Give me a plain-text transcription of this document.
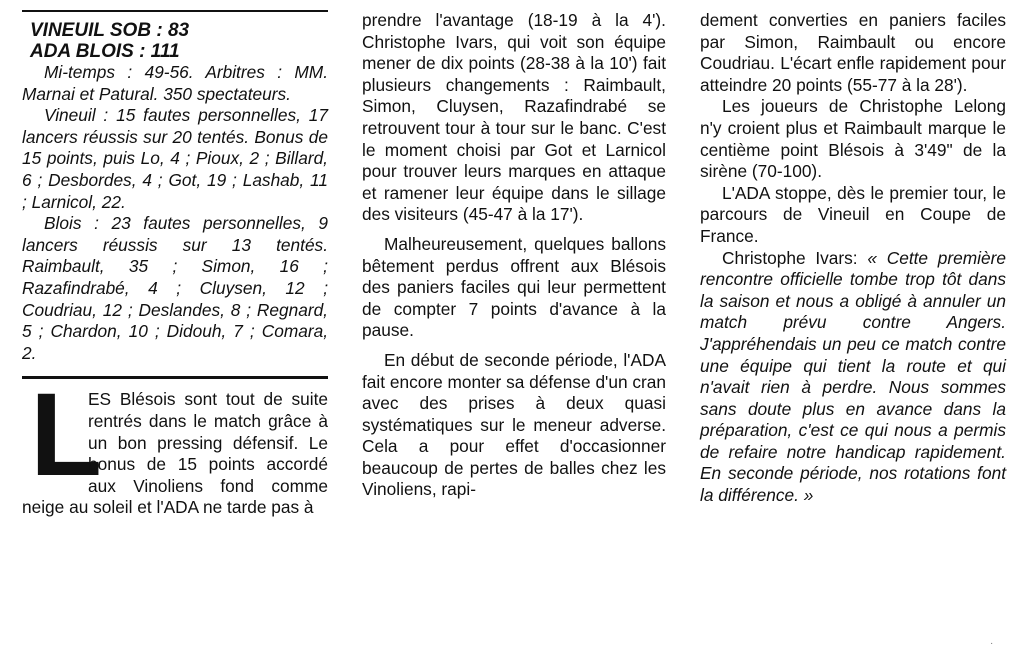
VINEUIL SOB : 83

ADA BLOIS : 111

Mi-temps : 49-56. Arbitres : MM. Marnai et Patural. 350 spectateurs.

Vineuil : 15 fautes personnelles, 17 lancers réussis sur 20 tentés. Bonus de 15 points, puis Lo, 4 ; Pioux, 2 ; Billard, 6 ; Desbordes, 4 ; Got, 19 ; Lashab, 11 ; Larnicol, 22.

Blois : 23 fautes personnelles, 9 lancers réussis sur 13 tentés. Raimbault, 35 ; Simon, 16 ; Razafindrabé, 4 ; Cluysen, 12 ; Coudriau, 12 ; Deslandes, 8 ; Regnard, 5 ; Chardon, 10 ; Didouh, 7 ; Comara, 2.

L
ES Blésois sont tout de suite rentrés dans le match grâce à un bon pressing défensif. Le bonus de 15 points accordé aux Vinoliens fond comme neige au soleil et l'ADA ne tarde pas à

prendre l'avantage (18-19 à la 4'). Christophe Ivars, qui voit son équipe mener de dix points (28-38 à la 10') fait plusieurs changements : Raimbault, Simon, Cluysen, Razafindrabé se retrouvent tour à tour sur le banc. C'est le moment choisi par Got et Larnicol pour trouver leurs marques en attaque et ramener leur équipe dans le sillage des visiteurs (45-47 à la 17').

Malheureusement, quelques ballons bêtement perdus offrent aux Blésois des paniers faciles qui leur permettent de compter 7 points d'avance à la pause.

En début de seconde période, l'ADA fait encore monter sa défense d'un cran avec des prises à deux quasi systématiques sur le meneur adverse. Cela a pour effet d'occasionner beaucoup de pertes de balles chez les Vinoliens, rapi-

dement converties en paniers faciles par Simon, Raimbault ou encore Coudriau. L'écart enfle rapidement pour atteindre 20 points (55-77 à la 28').

Les joueurs de Christophe Lelong n'y croient plus et Raimbault marque le centième point Blésois à 3'49" de la sirène (70-100).

L'ADA stoppe, dès le premier tour, le parcours de Vineuil en Coupe de France.

Christophe Ivars: « Cette première rencontre officielle tombe trop tôt dans la saison et nous a obligé à annuler un match prévu contre Angers. J'appréhendais un peu ce match contre une équipe qui tient la route et qui n'avait rien à perdre. Nous sommes sans doute plus en avance dans la préparation, c'est ce qui nous a permis de refaire notre handicap rapidement. En seconde période, nos rotations font la différence. »

·
